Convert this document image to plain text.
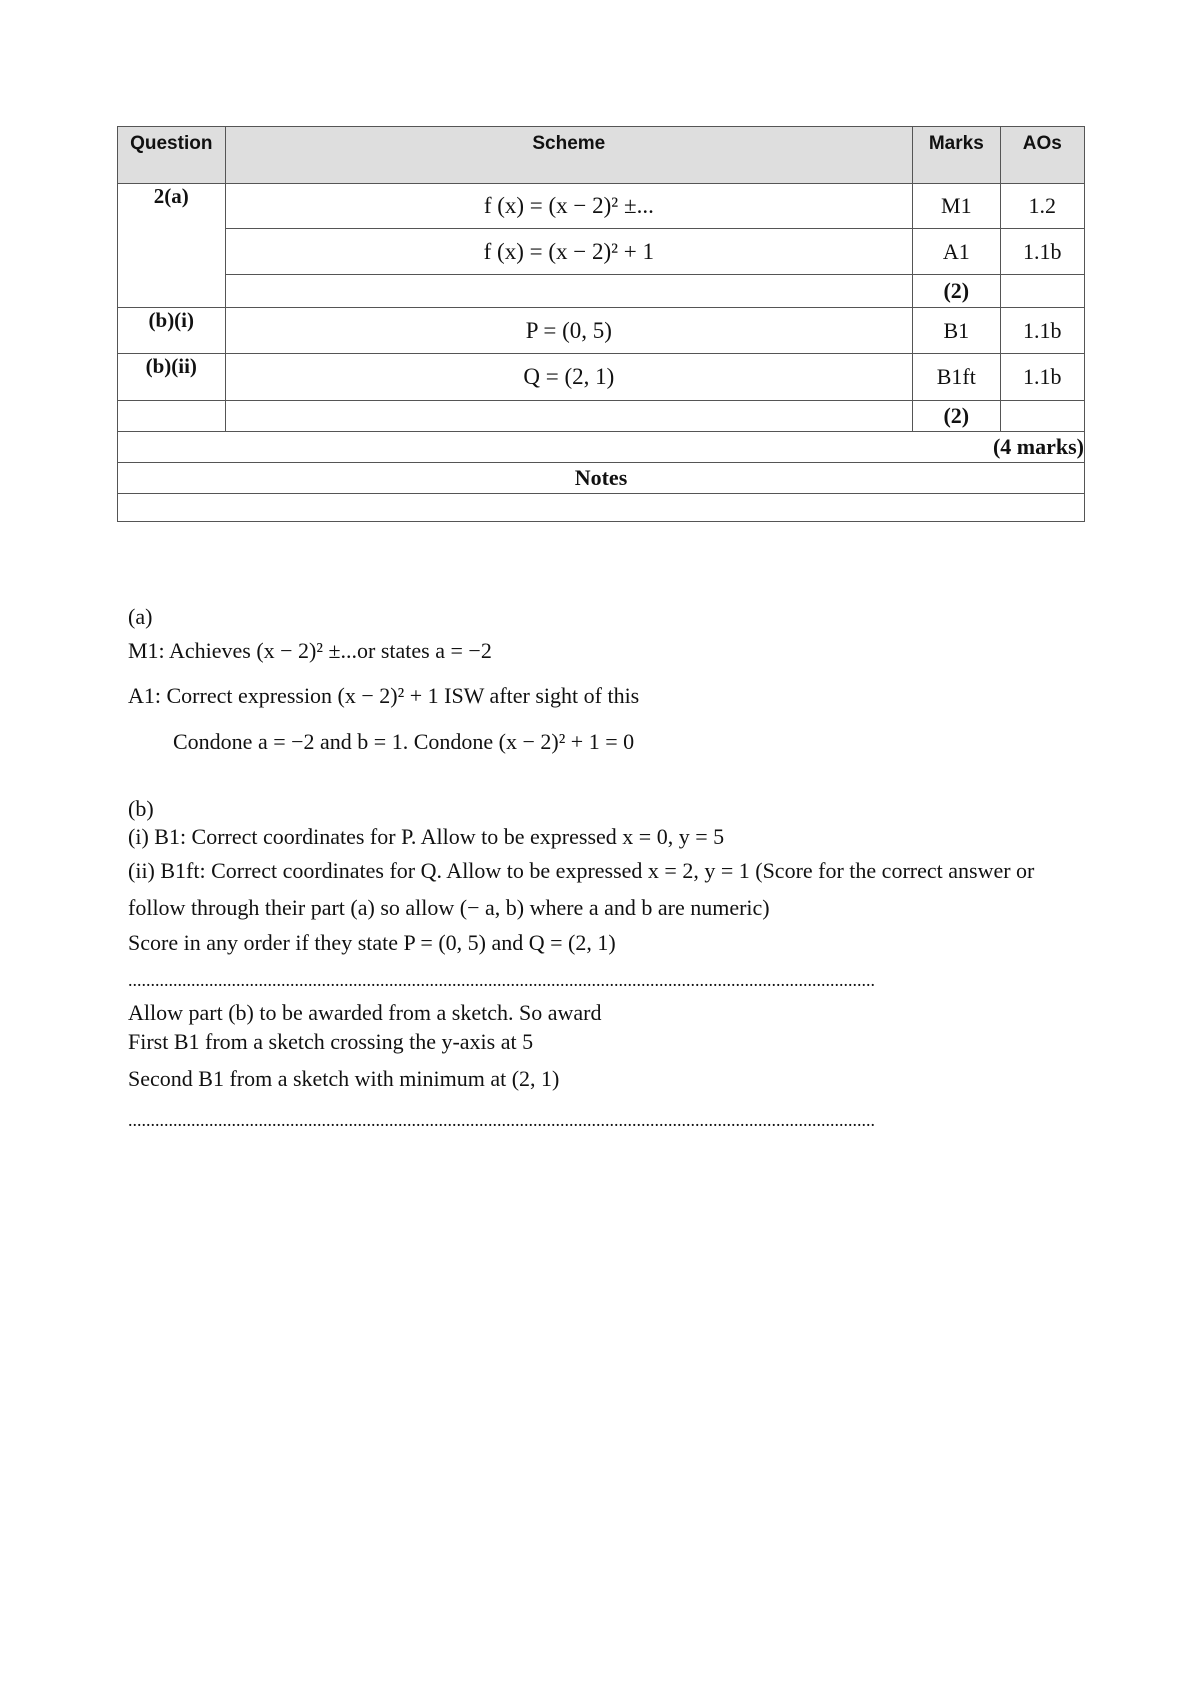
Question	Scheme	Marks	AOs
2(a)	f (x) = (x − 2)² ±...	M1	1.2
	f (x) = (x − 2)² + 1	A1	1.1b
		(2)	
(b)(i)	P = (0, 5)	B1	1.1b
(b)(ii)	Q = (2, 1)	B1ft	1.1b
		(2)	
(4 marks)			
Notes			

(a)
M1: Achieves (x − 2)² ±...or states a = −2
A1: Correct expression (x − 2)² + 1 ISW after sight of this
Condone a = −2 and b = 1. Condone (x − 2)² + 1 = 0
(b)
(i) B1: Correct coordinates for P. Allow to be expressed x = 0, y = 5
(ii) B1ft: Correct coordinates for Q. Allow to be expressed x = 2, y = 1 (Score for the correct answer or
follow through their part (a) so allow (− a, b) where a and b are numeric)
Score in any order if they state P = (0, 5) and Q = (2, 1)
......................................................................................................................................................................
Allow part (b) to be awarded from a sketch. So award
First B1 from a sketch crossing the y-axis at 5
Second B1 from a sketch with minimum at (2, 1)
......................................................................................................................................................................
